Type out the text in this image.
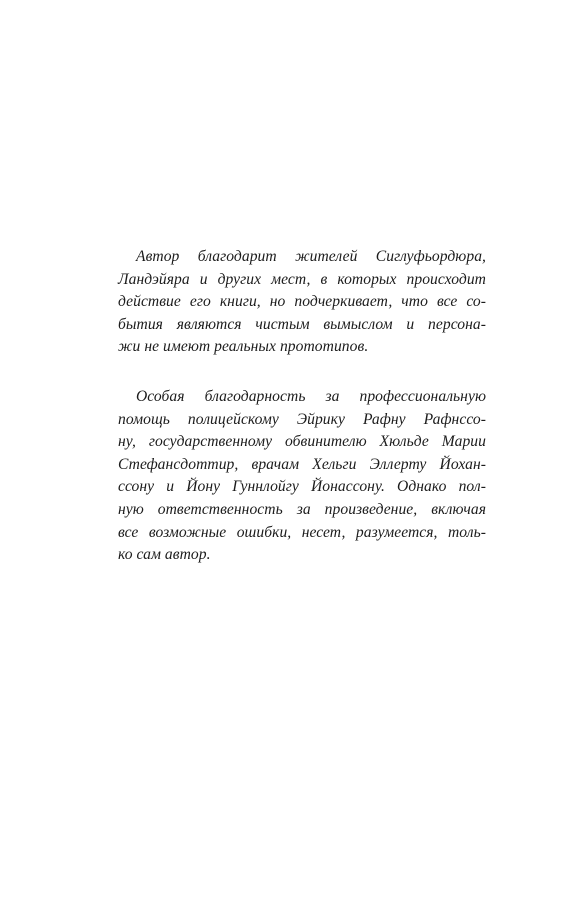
Автор благодарит жителей Сиглуфьордюра,
Ландэйяра и других мест, в которых происходит
действие его книги, но подчеркивает, что все со-
бытия являются чистым вымыслом и персона-
жи не имеют реальных прототипов.

Особая благодарность за профессиональную
помощь полицейскому Эйрику Рафну Рафнссо-
ну, государственному обвинителю Хюльде Марии
Стефансдоттир, врачам Хельги Эллерту Йохан-
ссону и Йону Гуннлойгу Йонассону. Однако пол-
ную ответственность за произведение, включая
все возможные ошибки, несет, разумеется, толь-
ко сам автор.
